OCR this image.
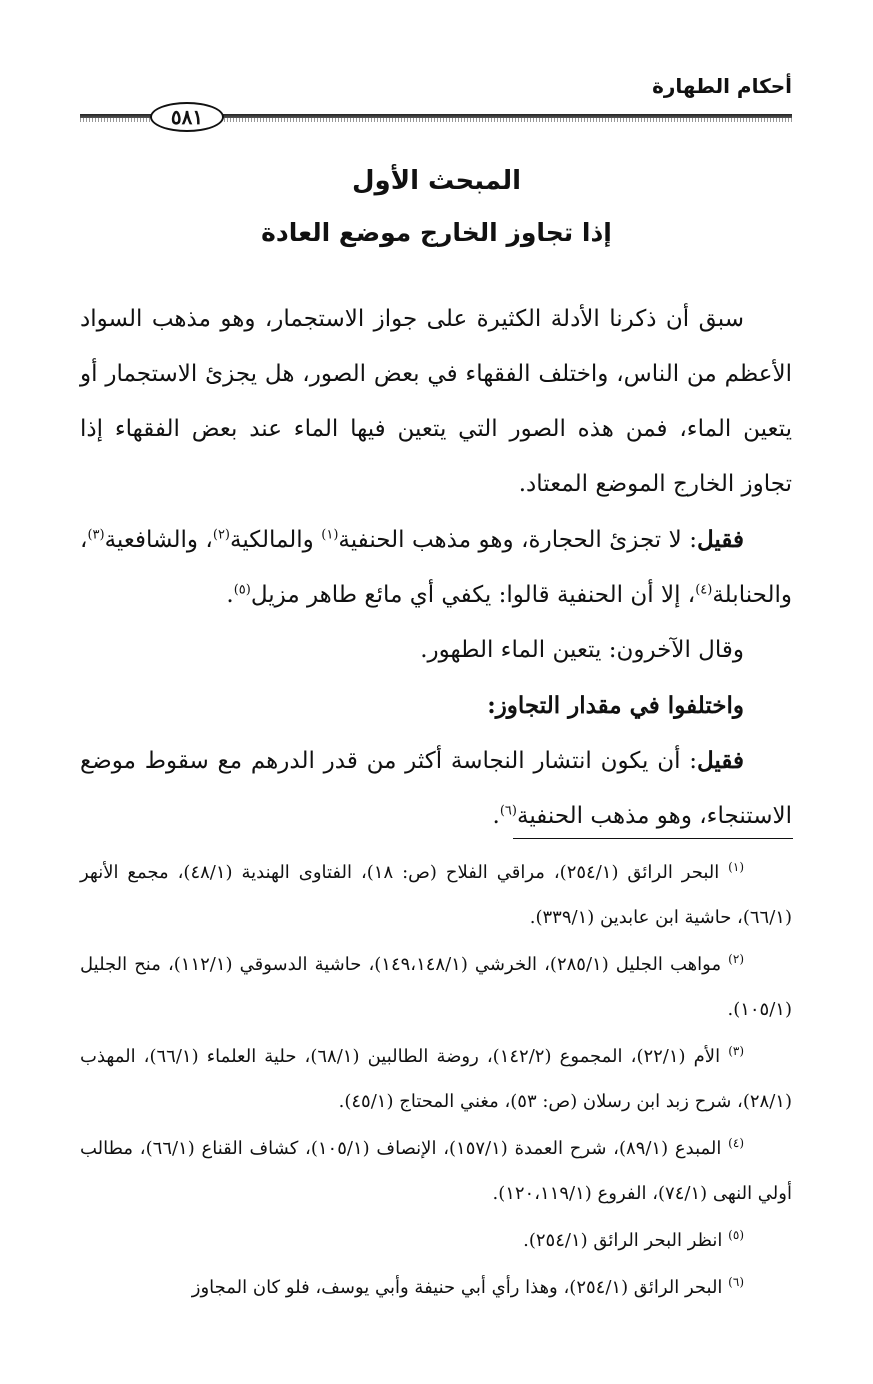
أحكام الطهارة
٥٨١
المبحث الأول
إذا تجاوز الخارج موضع العادة

سبق أن ذكرنا الأدلة الكثيرة على جواز الاستجمار، وهو مذهب السواد الأعظم من الناس، واختلف الفقهاء في بعض الصور، هل يجزئ الاستجمار أو يتعين الماء، فمن هذه الصور التي يتعين فيها الماء عند بعض الفقهاء إذا تجاوز الخارج الموضع المعتاد.

فقيل: لا تجزئ الحجارة، وهو مذهب الحنفية$^{(١)}$ والمالكية$^{(٢)}$، والشافعية$^{(٣)}$، والحنابلة$^{(٤)}$، إلا أن الحنفية قالوا: يكفي أي مائع طاهر مزيل$^{(٥)}$.

وقال الآخرون: يتعين الماء الطهور.

واختلفوا في مقدار التجاوز:

فقيل: أن يكون انتشار النجاسة أكثر من قدر الدرهم مع سقوط موضع الاستنجاء، وهو مذهب الحنفية$^{(٦)}$.

$^{(١)}$ البحر الرائق (٢٥٤/١)، مراقي الفلاح (ص: ١٨)، الفتاوى الهندية (٤٨/١)، مجمع الأنهر (٦٦/١)، حاشية ابن عابدين (٣٣٩/١).

$^{(٢)}$ مواهب الجليل (٢٨٥/١)، الخرشي (١٤٩،١٤٨/١)، حاشية الدسوقي (١١٢/١)، منح الجليل (١٠٥/١).

$^{(٣)}$ الأم (٢٢/١)، المجموع (١٤٢/٢)، روضة الطالبين (٦٨/١)، حلية العلماء (٦٦/١)، المهذب (٢٨/١)، شرح زبد ابن رسلان (ص: ٥٣)، مغني المحتاج (٤٥/١).

$^{(٤)}$ المبدع (٨٩/١)، شرح العمدة (١٥٧/١)، الإنصاف (١٠٥/١)، كشاف القناع (٦٦/١)، مطالب أولي النهى (٧٤/١)، الفروع (١٢٠،١١٩/١).

$^{(٥)}$ انظر البحر الرائق (٢٥٤/١).

$^{(٦)}$ البحر الرائق (٢٥٤/١)، وهذا رأي أبي حنيفة وأبي يوسف، فلو كان المجاوز
